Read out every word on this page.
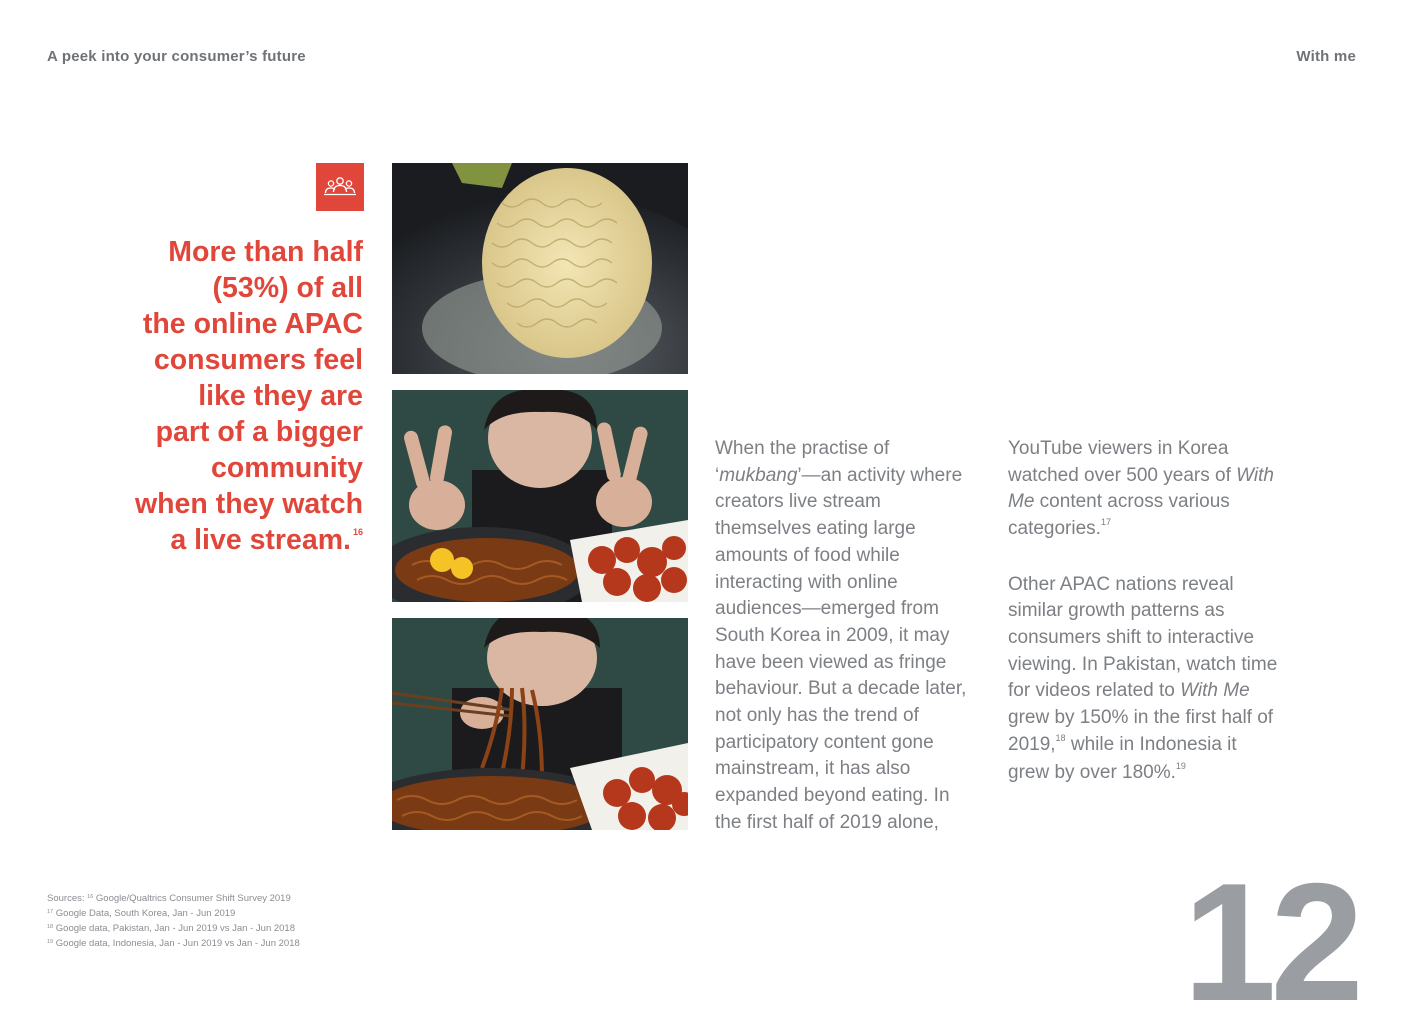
A peek into your consumer’s future	With me
More than half
(53%) of all
the online APAC
consumers feel
like they are
part of a bigger
community
when they watch
a live stream. $^{16}$

When the practise of ‘mukbang’—an activity where creators live stream themselves eating large amounts of food while interacting with online audiences—emerged from South Korea in 2009, it may have been viewed as fringe behaviour. But a decade later, not only has the trend of participatory content gone mainstream, it has also expanded beyond eating. In the first half of 2019 alone,

YouTube viewers in Korea watched over 500 years of With Me content across various categories.$^{17}$

Other APAC nations reveal similar growth patterns as consumers shift to interactive viewing. In Pakistan, watch time for videos related to With Me grew by 150% in the first half of 2019,18 while in Indonesia it grew by over 180%.$^{19}$

Sources: $^{16}$ Google/Qualtrics Consumer Shift Survey 2019
$^{17}$ Google Data, South Korea, Jan - Jun 2019
$^{18}$ Google data, Pakistan, Jan - Jun 2019 vs Jan - Jun 2018
$^{19}$ Google data, Indonesia, Jan - Jun 2019 vs Jan - Jun 2018	12
